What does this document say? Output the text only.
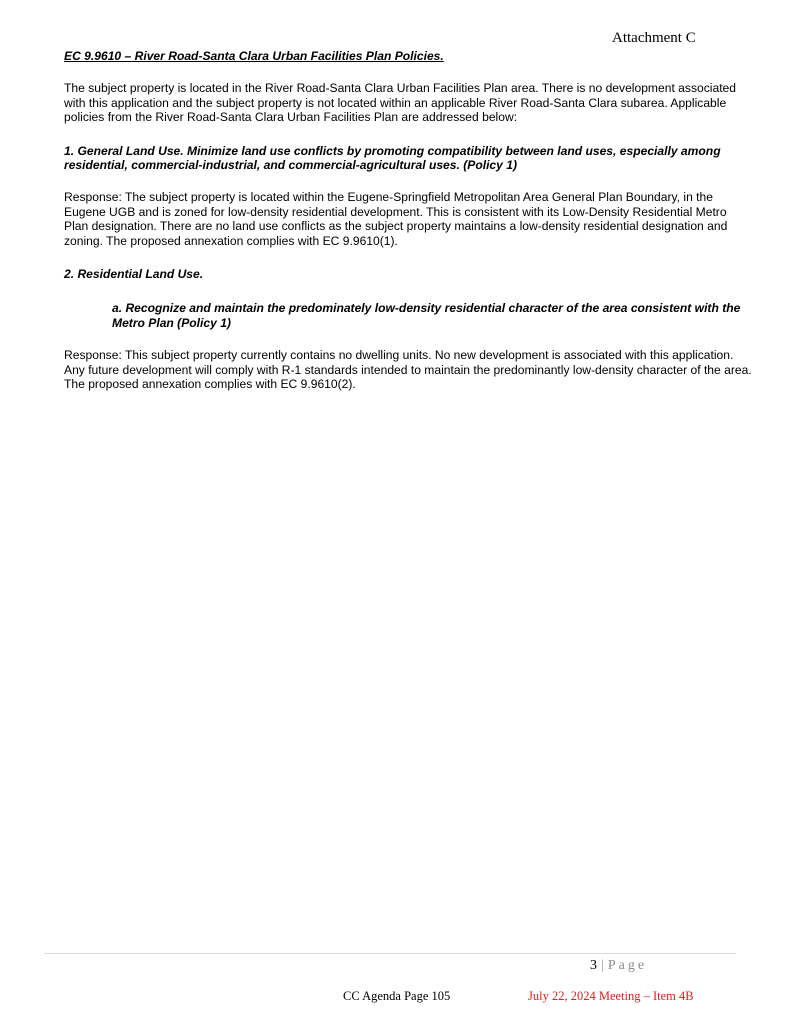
Attachment C

EC 9.9610 – River Road-Santa Clara Urban Facilities Plan Policies.

The subject property is located in the River Road-Santa Clara Urban Facilities Plan area. There is no development associated with this application and the subject property is not located within an applicable River Road-Santa Clara subarea. Applicable policies from the River Road-Santa Clara Urban Facilities Plan are addressed below:

1. General Land Use. Minimize land use conflicts by promoting compatibility between land uses, especially among residential, commercial-industrial, and commercial-agricultural uses. (Policy 1)

Response: The subject property is located within the Eugene-Springfield Metropolitan Area General Plan Boundary, in the Eugene UGB and is zoned for low-density residential development. This is consistent with its Low-Density Residential Metro Plan designation. There are no land use conflicts as the subject property maintains a low-density residential designation and zoning. The proposed annexation complies with EC 9.9610(1).

2. Residential Land Use.

a. Recognize and maintain the predominately low-density residential character of the area consistent with the Metro Plan (Policy 1)

Response: This subject property currently contains no dwelling units. No new development is associated with this application. Any future development will comply with R-1 standards intended to maintain the predominantly low-density character of the area. The proposed annexation complies with EC 9.9610(2).

3 | Page
CC Agenda Page 105	July 22, 2024 Meeting – Item 4B
